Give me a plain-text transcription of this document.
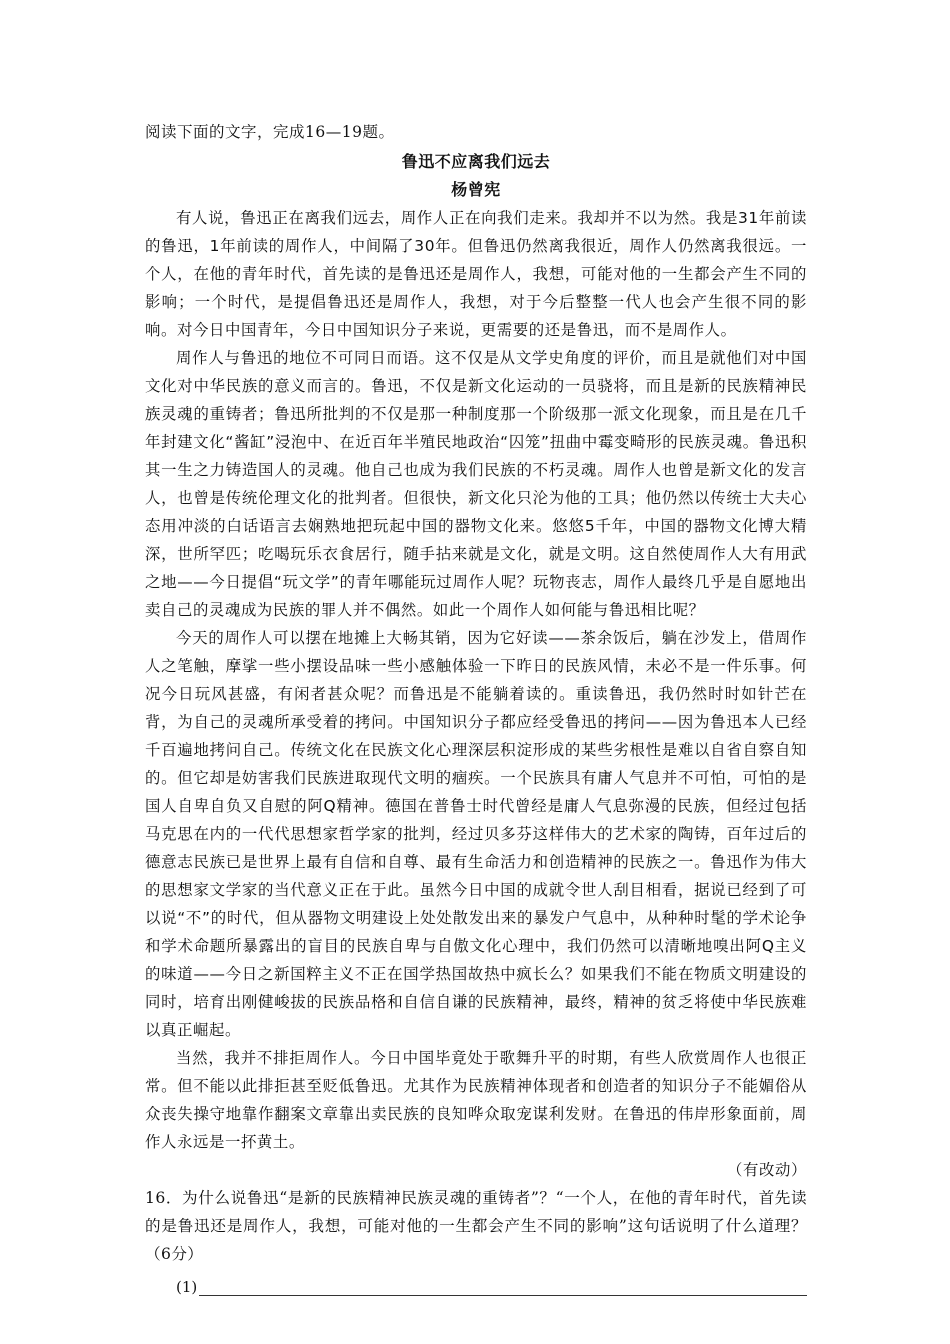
阅读下面的文字，完成16—19题。
鲁迅不应离我们远去
杨曾宪

有人说，鲁迅正在离我们远去，周作人正在向我们走来。我却并不以为然。我是31年前读的鲁迅，1年前读的周作人，中间隔了30年。但鲁迅仍然离我很近，周作人仍然离我很远。一个人，在他的青年时代，首先读的是鲁迅还是周作人，我想，可能对他的一生都会产生不同的影响；一个时代，是提倡鲁迅还是周作人，我想，对于今后整整一代人也会产生很不同的影响。对今日中国青年，今日中国知识分子来说，更需要的还是鲁迅，而不是周作人。

周作人与鲁迅的地位不可同日而语。这不仅是从文学史角度的评价，而且是就他们对中国文化对中华民族的意义而言的。鲁迅，不仅是新文化运动的一员骁将，而且是新的民族精神民族灵魂的重铸者；鲁迅所批判的不仅是那一种制度那一个阶级那一派文化现象，而且是在几千年封建文化“酱缸”浸泡中、在近百年半殖民地政治“囚笼”扭曲中霉变畸形的民族灵魂。鲁迅积其一生之力铸造国人的灵魂。他自己也成为我们民族的不朽灵魂。周作人也曾是新文化的发言人，也曾是传统伦理文化的批判者。但很快，新文化只沦为他的工具；他仍然以传统士大夫心态用冲淡的白话语言去娴熟地把玩起中国的器物文化来。悠悠5千年，中国的器物文化博大精深，世所罕匹；吃喝玩乐衣食居行，随手拈来就是文化，就是文明。这自然使周作人大有用武之地——今日提倡“玩文学”的青年哪能玩过周作人呢？玩物丧志，周作人最终几乎是自愿地出卖自己的灵魂成为民族的罪人并不偶然。如此一个周作人如何能与鲁迅相比呢？

今天的周作人可以摆在地摊上大畅其销，因为它好读——茶余饭后，躺在沙发上，借周作人之笔触，摩挲一些小摆设品味一些小感触体验一下昨日的民族风情，未必不是一件乐事。何况今日玩风甚盛，有闲者甚众呢？而鲁迅是不能躺着读的。重读鲁迅，我仍然时时如针芒在背，为自己的灵魂所承受着的拷问。中国知识分子都应经受鲁迅的拷问——因为鲁迅本人已经千百遍地拷问自己。传统文化在民族文化心理深层积淀形成的某些劣根性是难以自省自察自知的。但它却是妨害我们民族进取现代文明的痼疾。一个民族具有庸人气息并不可怕，可怕的是国人自卑自负又自慰的阿Q精神。德国在普鲁士时代曾经是庸人气息弥漫的民族，但经过包括马克思在内的一代代思想家哲学家的批判，经过贝多芬这样伟大的艺术家的陶铸，百年过后的德意志民族已是世界上最有自信和自尊、最有生命活力和创造精神的民族之一。鲁迅作为伟大的思想家文学家的当代意义正在于此。虽然今日中国的成就令世人刮目相看，据说已经到了可以说“不”的时代，但从器物文明建设上处处散发出来的暴发户气息中，从种种时髦的学术论争和学术命题所暴露出的盲目的民族自卑与自傲文化心理中，我们仍然可以清晰地嗅出阿Q主义的味道——今日之新国粹主义不正在国学热国故热中疯长么？如果我们不能在物质文明建设的同时，培育出刚健峻拔的民族品格和自信自谦的民族精神，最终，精神的贫乏将使中华民族难以真正崛起。

当然，我并不排拒周作人。今日中国毕竟处于歌舞升平的时期，有些人欣赏周作人也很正常。但不能以此排拒甚至贬低鲁迅。尤其作为民族精神体现者和创造者的知识分子不能媚俗从众丧失操守地靠作翻案文章靠出卖民族的良知哗众取宠谋利发财。在鲁迅的伟岸形象面前，周作人永远是一抔黄土。

（有改动）

16．为什么说鲁迅“是新的民族精神民族灵魂的重铸者”？“一个人，在他的青年时代，首先读的是鲁迅还是周作人，我想，可能对他的一生都会产生不同的影响”这句话说明了什么道理？（6分）

(1)
